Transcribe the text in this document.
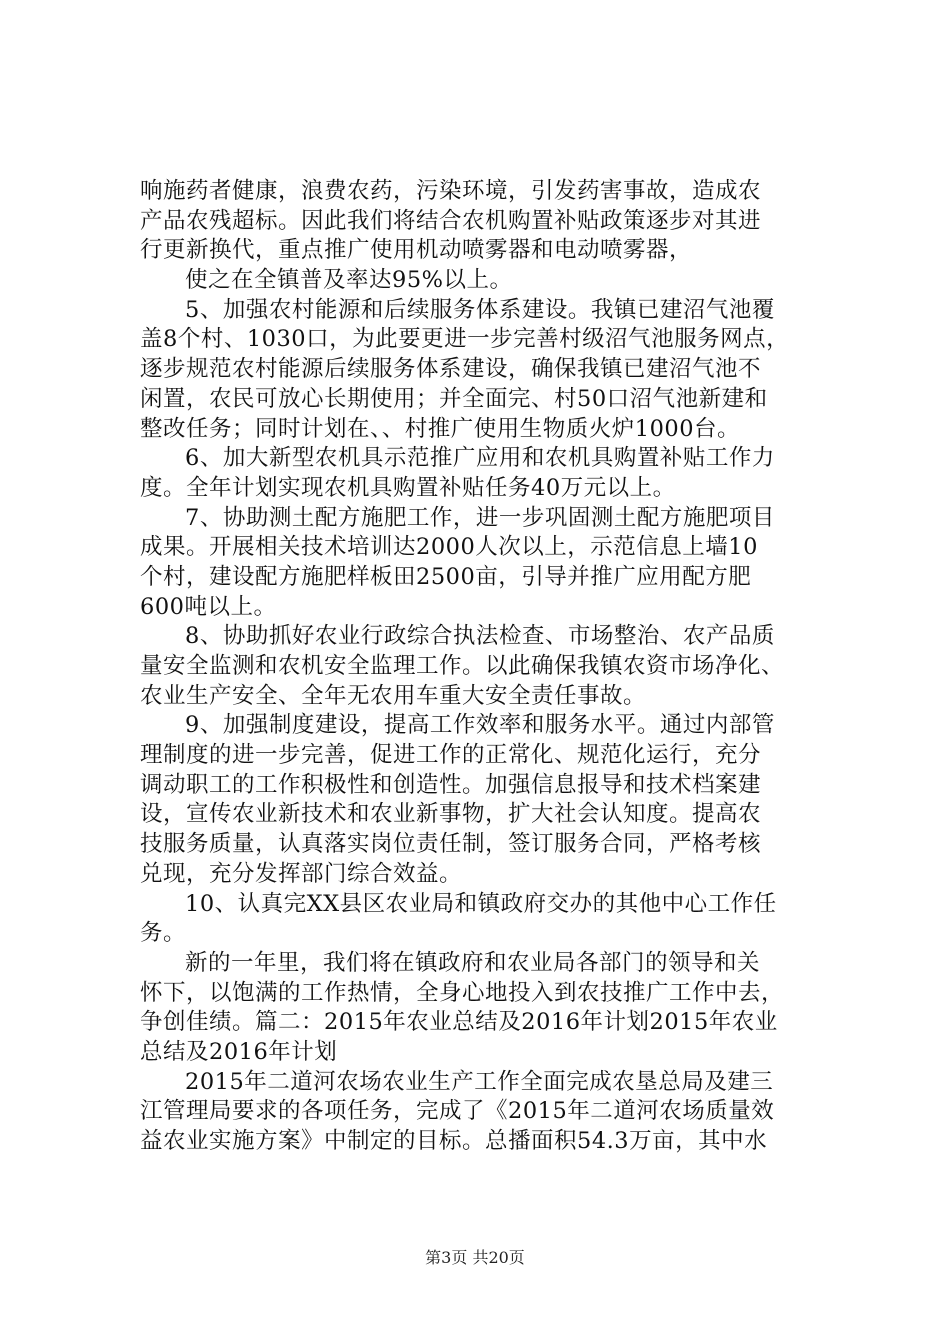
响施药者健康，浪费农药，污染环境，引发药害事故，造成农
产品农残超标。因此我们将结合农机购置补贴政策逐步对其进
行更新换代，重点推广使用机动喷雾器和电动喷雾器，
使之在全镇普及率达95%以上。
5、加强农村能源和后续服务体系建设。我镇已建沼气池覆
盖8个村、1030口，为此要更进一步完善村级沼气池服务网点，
逐步规范农村能源后续服务体系建设，确保我镇已建沼气池不
闲置，农民可放心长期使用；并全面完、村50口沼气池新建和
整改任务；同时计划在、、村推广使用生物质火炉1000台。
6、加大新型农机具示范推广应用和农机具购置补贴工作力
度。全年计划实现农机具购置补贴任务40万元以上。
7、协助测土配方施肥工作，进一步巩固测土配方施肥项目
成果。开展相关技术培训达2000人次以上，示范信息上墙10
个村，建设配方施肥样板田2500亩，引导并推广应用配方肥
600吨以上。
8、协助抓好农业行政综合执法检查、市场整治、农产品质
量安全监测和农机安全监理工作。以此确保我镇农资市场净化、
农业生产安全、全年无农用车重大安全责任事故。
9、加强制度建设，提高工作效率和服务水平。通过内部管
理制度的进一步完善，促进工作的正常化、规范化运行，充分
调动职工的工作积极性和创造性。加强信息报导和技术档案建
设，宣传农业新技术和农业新事物，扩大社会认知度。提高农
技服务质量，认真落实岗位责任制，签订服务合同，严格考核
兑现，充分发挥部门综合效益。
10、认真完XX县区农业局和镇政府交办的其他中心工作任
务。
新的一年里，我们将在镇政府和农业局各部门的领导和关
怀下，以饱满的工作热情，全身心地投入到农技推广工作中去，
争创佳绩。篇二：2015年农业总结及2016年计划2015年农业
总结及2016年计划
2015年二道河农场农业生产工作全面完成农垦总局及建三
江管理局要求的各项任务，完成了《2015年二道河农场质量效
益农业实施方案》中制定的目标。总播面积54.3万亩，其中水
第3页 共20页
